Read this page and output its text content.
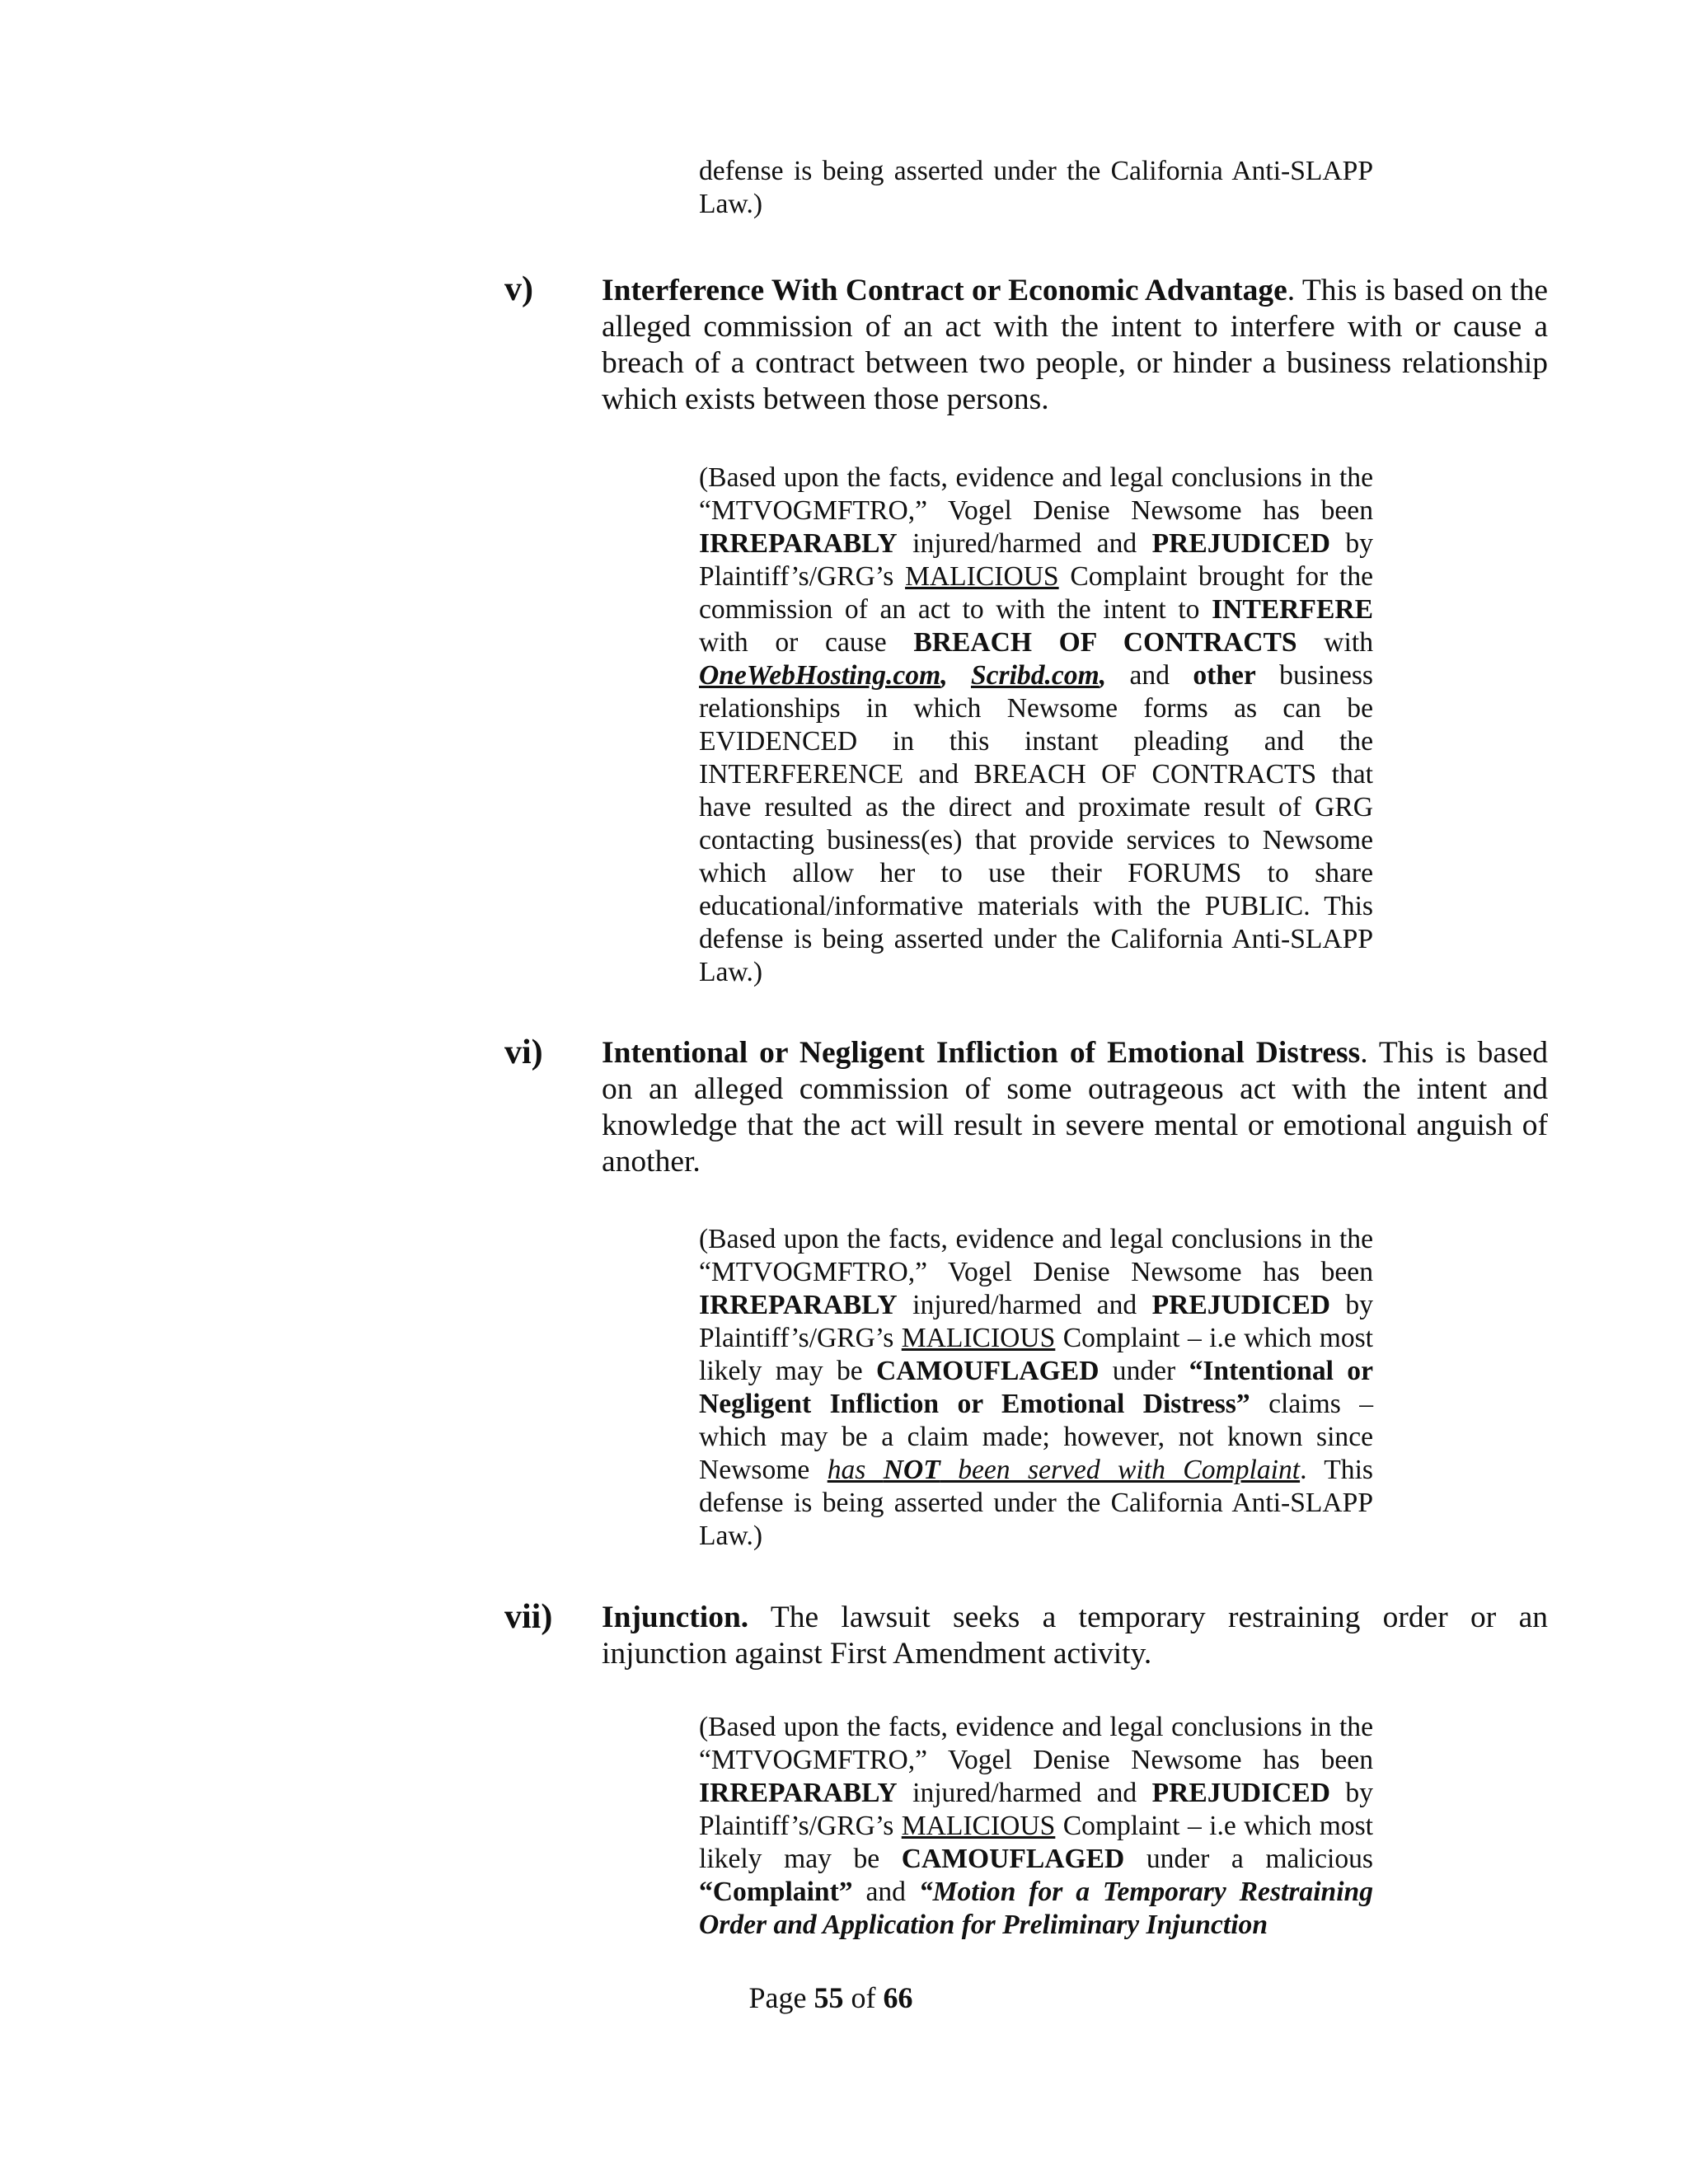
defense is being asserted under the California Anti-SLAPP Law.)

v) Interference With Contract or Economic Advantage. This is based on the alleged commission of an act with the intent to interfere with or cause a breach of a contract between two people, or hinder a business relationship which exists between those persons.

(Based upon the facts, evidence and legal conclusions in the “MTVOGMFTRO,” Vogel Denise Newsome has been IRREPARABLY injured/harmed and PREJUDICED by Plaintiff’s/GRG’s MALICIOUS Complaint brought for the commission of an act to with the intent to INTERFERE with or cause BREACH OF CONTRACTS with OneWebHosting.com, Scribd.com, and other business relationships in which Newsome forms as can be EVIDENCED in this instant pleading and the INTERFERENCE and BREACH OF CONTRACTS that have resulted as the direct and proximate result of GRG contacting business(es) that provide services to Newsome which allow her to use their FORUMS to share educational/informative materials with the PUBLIC. This defense is being asserted under the California Anti-SLAPP Law.)

vi) Intentional or Negligent Infliction of Emotional Distress. This is based on an alleged commission of some outrageous act with the intent and knowledge that the act will result in severe mental or emotional anguish of another.

(Based upon the facts, evidence and legal conclusions in the “MTVOGMFTRO,” Vogel Denise Newsome has been IRREPARABLY injured/harmed and PREJUDICED by Plaintiff’s/GRG’s MALICIOUS Complaint – i.e which most likely may be CAMOUFLAGED under “Intentional or Negligent Infliction or Emotional Distress” claims – which may be a claim made; however, not known since Newsome has NOT been served with Complaint. This defense is being asserted under the California Anti-SLAPP Law.)

vii) Injunction. The lawsuit seeks a temporary restraining order or an injunction against First Amendment activity.

(Based upon the facts, evidence and legal conclusions in the “MTVOGMFTRO,” Vogel Denise Newsome has been IRREPARABLY injured/harmed and PREJUDICED by Plaintiff’s/GRG’s MALICIOUS Complaint – i.e which most likely may be CAMOUFLAGED under a malicious “Complaint” and “Motion for a Temporary Restraining Order and Application for Preliminary Injunction

Page 55 of 66
